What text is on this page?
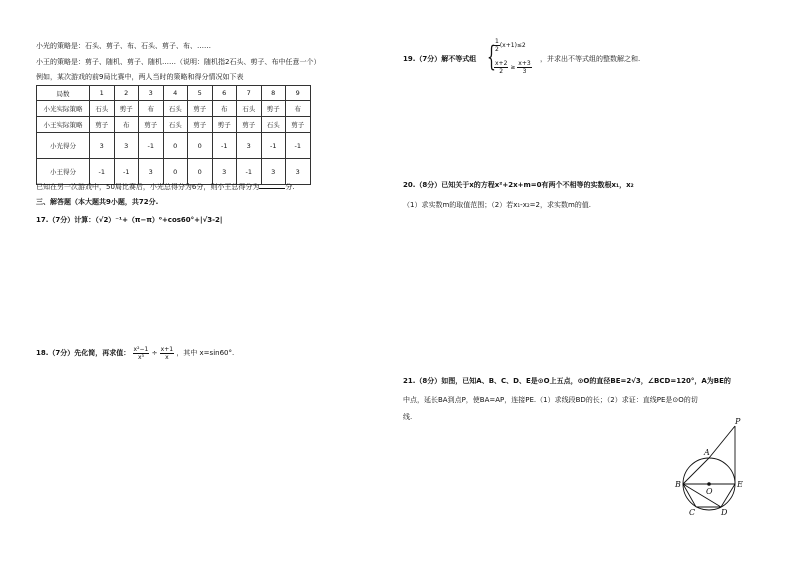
小光的策略是：石头、剪子、布、石头、剪子、布、……
小王的策略是：剪子、随机、剪子、随机……（说明：随机指2石头、剪子、布中任意一个）
例如，某次游戏的前9局比赛中，两人当时的策略和得分情况如下表
局数	1	2	3	4	5	6	7	8	9
小光实际策略	石头	剪子	布	石头	剪子	布	石头	剪子	布
小王实际策略	剪子	布	剪子	石头	剪子	剪子	剪子	石头	剪子
小光得分	3	3	-1	0	0	-1	3	-1	-1
小王得分	-1	-1	3	0	0	3	-1	3	3
已知在另一次游戏中，50局比赛后，小光总得分为6分，则小王总得分为	分.
三、解答题（本大题共9小题，共72分.
17.（7分）计算：（√2）⁻¹+（π−π）⁰+cos60°+|√3-2|
18.（7分）先化简，再求值： $\frac{\text{x²−1}}{\text{x³}} \div \frac{x+1}{x}$ ，其中 x=sin60°.
19.（7分）解不等式组 {
$\frac{1}{2} (x+1)\le 2$
$\frac{x+2}{2} \ge \frac{x+3}{3}$
，并求出不等式组的整数解之和.
20.（8分）已知关于x的方程x²+2x+m=0有两个不相等的实数根x₁，x₂
（1）求实数m的取值范围；（2）若x₁-x₂=2，求实数m的值.
21.（8分）如图，已知A、B、C、D、E是⊙O上五点，⊙O的直径BE=2√3，∠BCD=120°，A为BE的
中点，延长BA到点P，使BA=AP，连接PE.（1）求线段BD的长；（2）求证：直线PE是⊙O的切
线.	P
A
B
O
E
C	D
